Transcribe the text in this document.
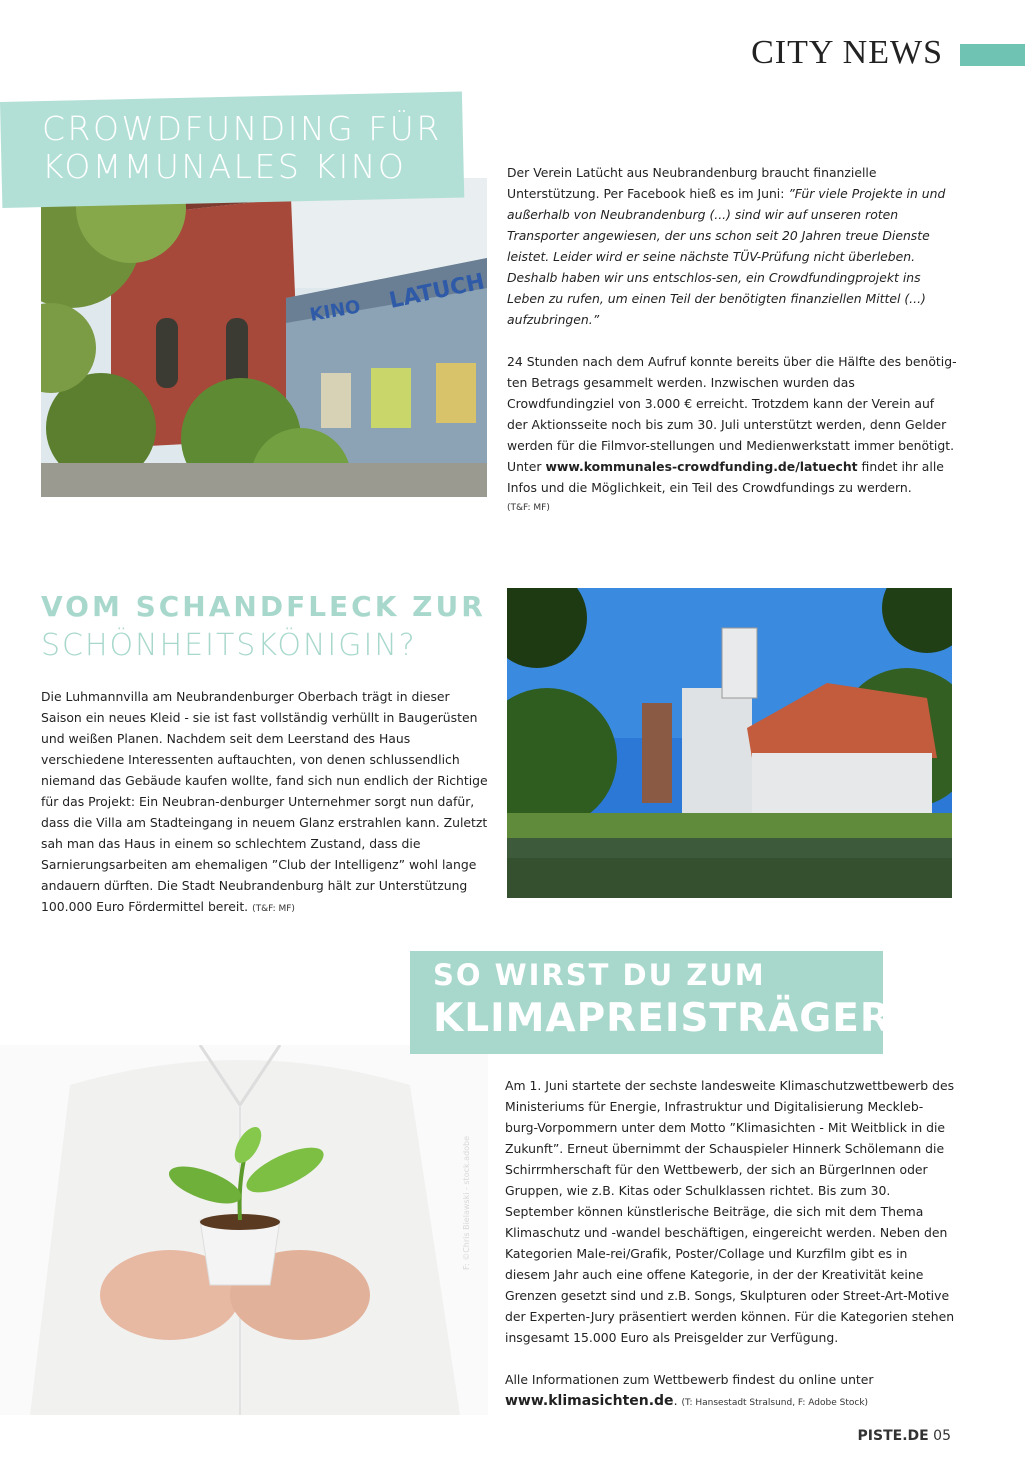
CITY NEWS
KINO LATUCH
CROWDFUNDING FÜR
KOMMUNALES KINO	Der Verein Latücht aus Neubrandenburg braucht finanzielle Unterstützung. Per Facebook hieß es im Juni: ”Für viele Projekte in und außerhalb von Neubrandenburg (...) sind wir auf unseren roten Transporter angewiesen, der uns schon seit 20 Jahren treue Dienste leistet. Leider wird er seine nächste TÜV-Prüfung nicht überleben. Deshalb haben wir uns entschlos-sen, ein Crowdfundingprojekt ins Leben zu rufen, um einen Teil der benötigten finanziellen Mittel (...) aufzubringen.”
24 Stunden nach dem Aufruf konnte bereits über die Hälfte des benötig-ten Betrags gesammelt werden. Inzwischen wurden das Crowdfundingziel von 3.000 € erreicht. Trotzdem kann der Verein auf der Aktionsseite noch bis zum 30. Juli unterstützt werden, denn Gelder werden für die Filmvor-stellungen und Medienwerkstatt immer benötigt.
Unter www.kommunales-crowdfunding.de/latuecht findet ihr alle Infos und die Möglichkeit, ein Teil des Crowdfundings zu werdern.
(T&F: MF)
VOM SCHANDFLECK ZUR
SCHÖNHEITSKÖNIGIN?
Die Luhmannvilla am Neubrandenburger Oberbach trägt in dieser Saison ein neues Kleid - sie ist fast vollständig verhüllt in Baugerüsten und weißen Planen. Nachdem seit dem Leerstand des Haus verschiedene Interessenten auftauchten, von denen schlussendlich niemand das Gebäude kaufen wollte, fand sich nun endlich der Richtige für das Projekt: Ein Neubran-denburger Unternehmer sorgt nun dafür, dass die Villa am Stadteingang in neuem Glanz erstrahlen kann. Zuletzt sah man das Haus in einem so schlechtem Zustand, dass die Sarnierungsarbeiten am ehemaligen ”Club der Intelligenz” wohl lange andauern dürften. Die Stadt Neubrandenburg hält zur Unterstützung 100.000 Euro Fördermittel bereit. (T&F: MF)
F: ©Chris Bielawski - stock.adobe
SO WIRST DU ZUM
KLIMAPREISTRÄGER!
Am 1. Juni startete der sechste landesweite Klimaschutzwettbewerb des Ministeriums für Energie, Infrastruktur und Digitalisierung Meckleb-burg-Vorpommern unter dem Motto ”Klimasichten - Mit Weitblick in die Zukunft”. Erneut übernimmt der Schauspieler Hinnerk Schölemann die Schirrmherschaft für den Wettbewerb, der sich an BürgerInnen oder Gruppen, wie z.B. Kitas oder Schulklassen richtet. Bis zum 30. September können künstlerische Beiträge, die sich mit dem Thema Klimaschutz und -wandel beschäftigen, eingereicht werden. Neben den Kategorien Male-rei/Grafik, Poster/Collage und Kurzfilm gibt es in diesem Jahr auch eine offene Kategorie, in der der Kreativität keine Grenzen gesetzt sind und z.B. Songs, Skulpturen oder Street-Art-Motive der Experten-Jury präsentiert werden können. Für die Kategorien stehen insgesamt 15.000 Euro als Preisgelder zur Verfügung.
Alle Informationen zum Wettbewerb findest du online unter
www.klimasichten.de. (T: Hansestadt Stralsund, F: Adobe Stock)
PISTE.DE 05
